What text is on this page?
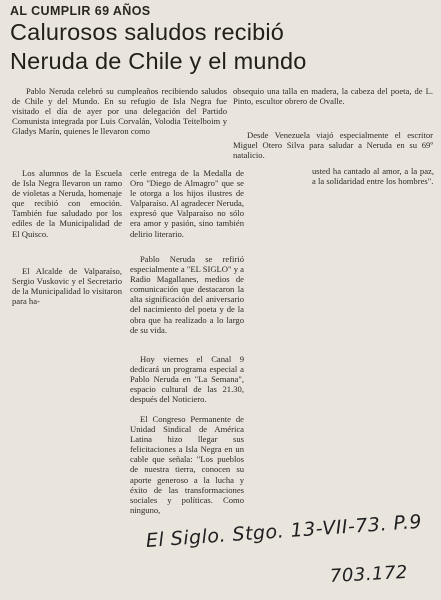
AL CUMPLIR 69 AÑOS
Calurosos saludos recibió
Neruda de Chile y el mundo
Pablo Neruda celebró su cumpleaños recibiendo saludos de Chile y del Mundo. En su refugio de Isla Negra fue visitado el día de ayer por una delegación del Partido Comunista integrada por Luis Corvalán, Volodia Teitelboim y Gladys Marín, quienes le llevaron como
obsequio una talla en madera, la cabeza del poeta, de L. Pinto, escultor obrero de Ovalle.
Desde Venezuela viajó especialmente el escritor Miguel Otero Silva para saludar a Neruda en su 69º natalicio.
usted ha cantado al amor, a la paz, a la solidaridad entre los hombres".
Los alumnos de la Escuela de Isla Negra llevaron un ramo de violetas a Neruda, homenaje que recibió con emoción. También fue saludado por los ediles de la Municipalidad de El Quisco.
El Alcalde de Valparaíso, Sergio Vuskovic y el Secretario de la Municipalidad lo visitaron para ha-
cerle entrega de la Medalla de Oro "Diego de Almagro" que se le otorga a los hijos ilustres de Valparaíso. Al agradecer Neruda, expresó que Valparaíso no sólo era amor y pasión, sino también delirio literario.
Pablo Neruda se refirió especialmente a "EL SIGLO" y a Radio Magallanes, medios de comunicación que destacaron la alta significación del aniversario del nacimiento del poeta y de la obra que ha realizado a lo largo de su vida.
Hoy viernes el Canal 9 dedicará un programa especial a Pablo Neruda en "La Semana", espacio cultural de las 21.30, después del Noticiero.
El Congreso Permanente de Unidad Sindical de América Latina hizo llegar sus felicitaciones a Isla Negra en un cable que señala: "Los pueblos de nuestra tierra, conocen su aporte generoso a la lucha y éxito de las transformaciones sociales y políticas. Como ninguno,
El Siglo. Stgo. 13-VII-73. P.9
703.172
